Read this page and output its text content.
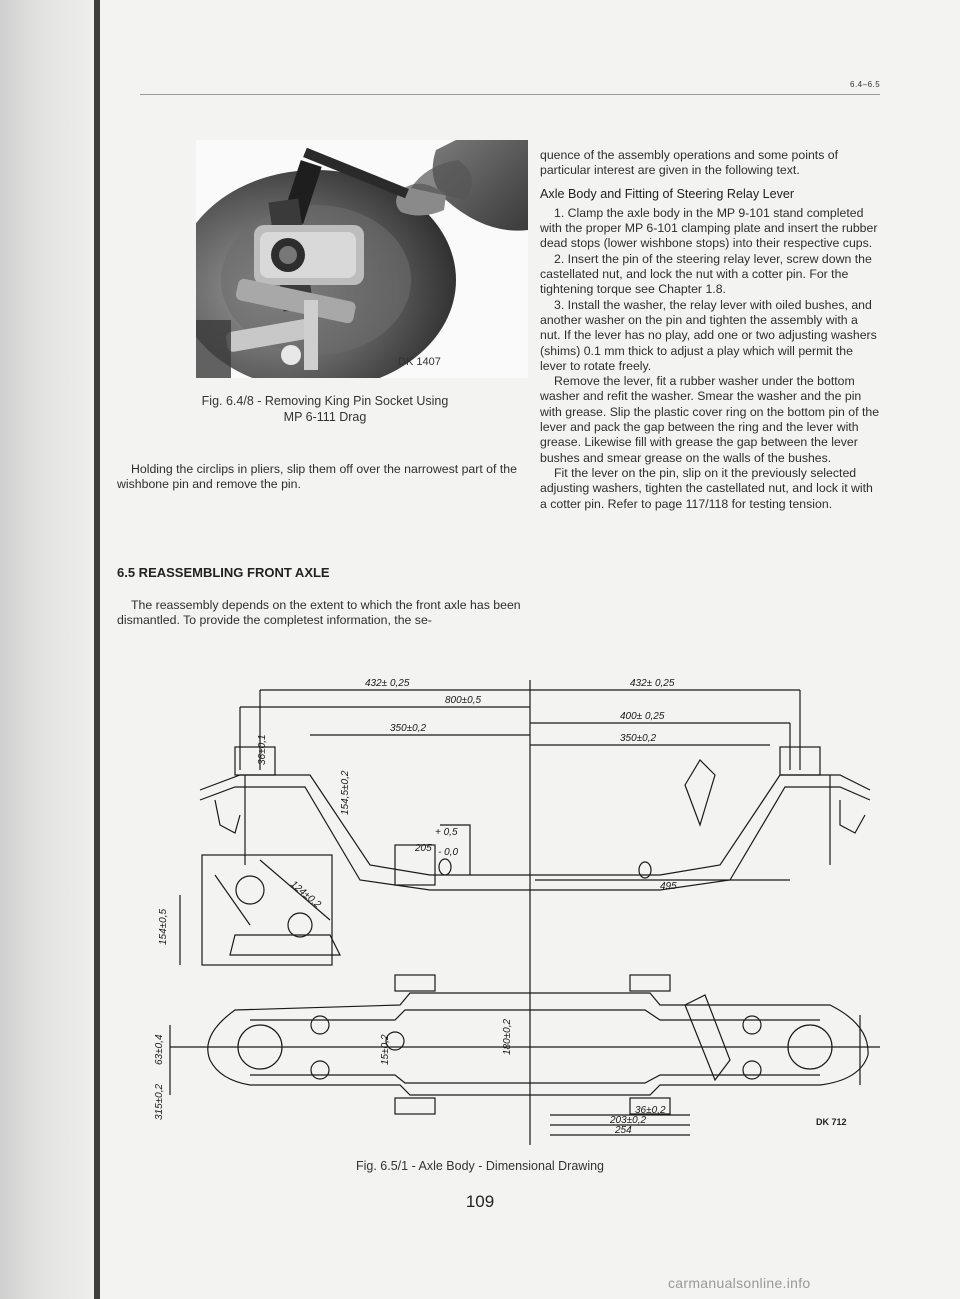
6.4–6.5
DK 1407
Fig. 6.4/8 - Removing King Pin Socket Using
MP 6-111 Drag

Holding the circlips in pliers, slip them off over the narrowest part of the wishbone pin and remove the pin.

6.5 REASSEMBLING FRONT AXLE

The reassembly depends on the extent to which the front axle has been dismantled. To provide the completest information, the se-

quence of the assembly operations and some points of particular interest are given in the following text.

Axle Body and Fitting of Steering Relay Lever

1. Clamp the axle body in the MP 9-101 stand completed with the proper MP 6-101 clamping plate and insert the rubber dead stops (lower wishbone stops) into their respective cups.

2. Insert the pin of the steering relay lever, screw down the castellated nut, and lock the nut with a cotter pin. For the tightening torque see Chapter 1.8.

3. Install the washer, the relay lever with oiled bushes, and another washer on the pin and tighten the assembly with a nut. If the lever has no play, add one or two adjusting washers (shims) 0.1 mm thick to adjust a play which will permit the lever to rotate freely.

Remove the lever, fit a rubber washer under the bottom washer and refit the washer. Smear the washer and the pin with grease. Slip the plastic cover ring on the bottom pin of the lever and pack the gap between the ring and the lever with grease. Likewise fill with grease the gap between the lever bushes and smear grease on the walls of the bushes.

Fit the lever on the pin, slip on it the previously selected adjusting washers, tighten the castellated nut, and lock it with a cotter pin. Refer to page 117/118 for testing tension.

432± 0,25	432± 0,25
800±0,5
400± 0,25
350±0,2
350±0,2
+ 0,5
205 - 0,0
495
154±0,5
154,5±0,2
36±0,1
124±0,2
63±0,4
315±0,2
15±0,2	180±0,2
36±0,2
203±0,2
254
DK 712
Fig. 6.5/1 - Axle Body - Dimensional Drawing
109
carmanualsonline.info
